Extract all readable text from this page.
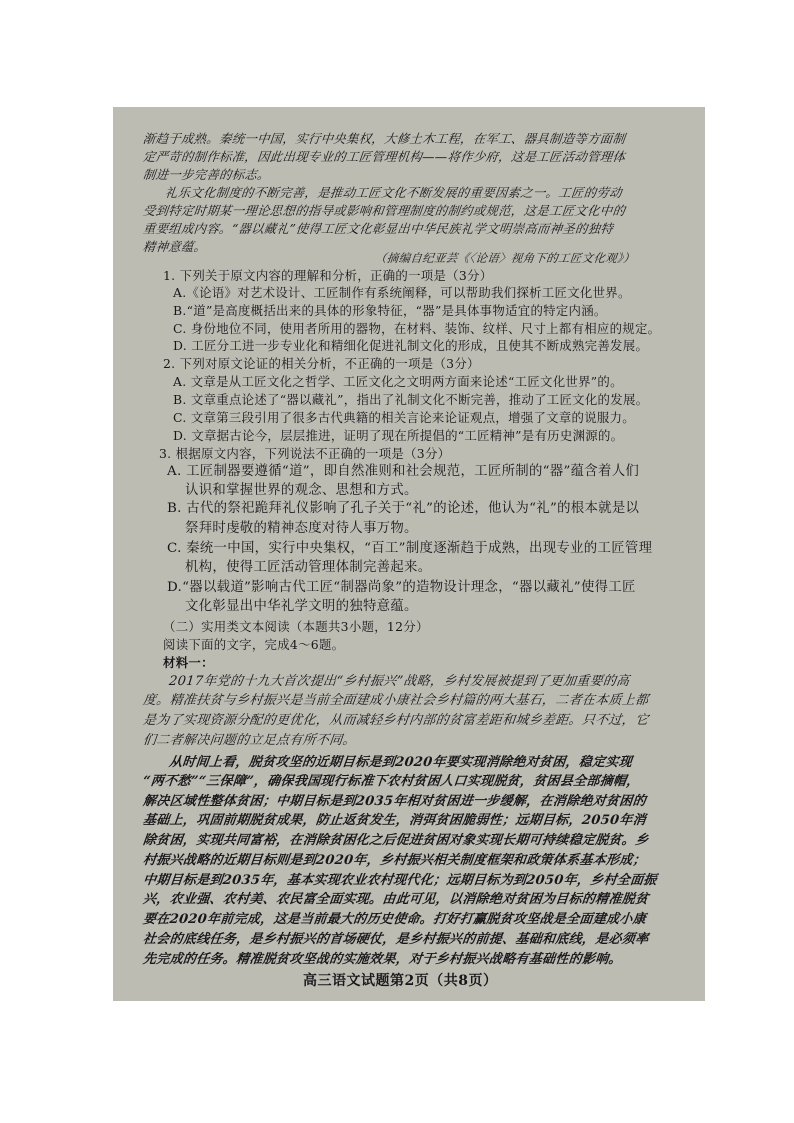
渐趋于成熟。秦统一中国，实行中央集权，大修土木工程，在军工、器具制造等方面制
定严苛的制作标准，因此出现专业的工匠管理机构——将作少府，这是工匠活动管理体
制进一步完善的标志。
礼乐文化制度的不断完善，是推动工匠文化不断发展的重要因素之一。工匠的劳动
受到特定时期某一理论思想的指导或影响和管理制度的制约或规范，这是工匠文化中的
重要组成内容。“器以藏礼”使得工匠文化彰显出中华民族礼学文明崇高而神圣的独特
精神意蕴。
（摘编自纪亚芸《〈论语〉视角下的工匠文化观》）
1. 下列关于原文内容的理解和分析，正确的一项是（3分）
A.《论语》对艺术设计、工匠制作有系统阐释，可以帮助我们探析工匠文化世界。
B.“道”是高度概括出来的具体的形象特征，“器”是具体事物适宜的特定内涵。
C. 身份地位不同，使用者所用的器物，在材料、装饰、纹样、尺寸上都有相应的规定。
D. 工匠分工进一步专业化和精细化促进礼制文化的形成，且使其不断成熟完善发展。
2. 下列对原文论证的相关分析，不正确的一项是（3分）
A. 文章是从工匠文化之哲学、工匠文化之文明两方面来论述“工匠文化世界”的。
B. 文章重点论述了“器以藏礼”，指出了礼制文化不断完善，推动了工匠文化的发展。
C. 文章第三段引用了很多古代典籍的相关言论来论证观点，增强了文章的说服力。
D. 文章据古论今，层层推进，证明了现在所提倡的“工匠精神”是有历史渊源的。
3. 根据原文内容，下列说法不正确的一项是（3分）
A. 工匠制器要遵循“道”，即自然准则和社会规范，工匠所制的“器”蕴含着人们
认识和掌握世界的观念、思想和方式。
B. 古代的祭祀跪拜礼仪影响了孔子关于“礼”的论述，他认为“礼”的根本就是以
祭拜时虔敬的精神态度对待人事万物。
C. 秦统一中国，实行中央集权，“百工”制度逐渐趋于成熟，出现专业的工匠管理
机构，使得工匠活动管理体制完善起来。
D.“器以载道”影响古代工匠“制器尚象”的造物设计理念，“器以藏礼”使得工匠
文化彰显出中华礼学文明的独特意蕴。
（二）实用类文本阅读（本题共3小题，12分）
阅读下面的文字，完成4～6题。
材料一：
2017年党的十九大首次提出“乡村振兴”战略，乡村发展被提到了更加重要的高
度。精准扶贫与乡村振兴是当前全面建成小康社会乡村篇的两大基石，二者在本质上都
是为了实现资源分配的更优化，从而减轻乡村内部的贫富差距和城乡差距。只不过，它
们二者解决问题的立足点有所不同。
从时间上看，脱贫攻坚的近期目标是到2020年要实现消除绝对贫困，稳定实现
“两不愁”“三保障”，确保我国现行标准下农村贫困人口实现脱贫，贫困县全部摘帽，
解决区域性整体贫困；中期目标是到2035年相对贫困进一步缓解，在消除绝对贫困的
基础上，巩固前期脱贫成果，防止返贫发生，消弭贫困脆弱性；远期目标，2050年消
除贫困，实现共同富裕，在消除贫困化之后促进贫困对象实现长期可持续稳定脱贫。乡
村振兴战略的近期目标则是到2020年，乡村振兴相关制度框架和政策体系基本形成；
中期目标是到2035年，基本实现农业农村现代化；远期目标为到2050年，乡村全面振
兴，农业强、农村美、农民富全面实现。由此可见，以消除绝对贫困为目标的精准脱贫
要在2020年前完成，这是当前最大的历史使命。打好打赢脱贫攻坚战是全面建成小康
社会的底线任务，是乡村振兴的首场硬仗，是乡村振兴的前提、基础和底线，是必须率
先完成的任务。精准脱贫攻坚战的实施效果，对于乡村振兴战略有基础性的影响。
高三语文试题第2页（共8页）
